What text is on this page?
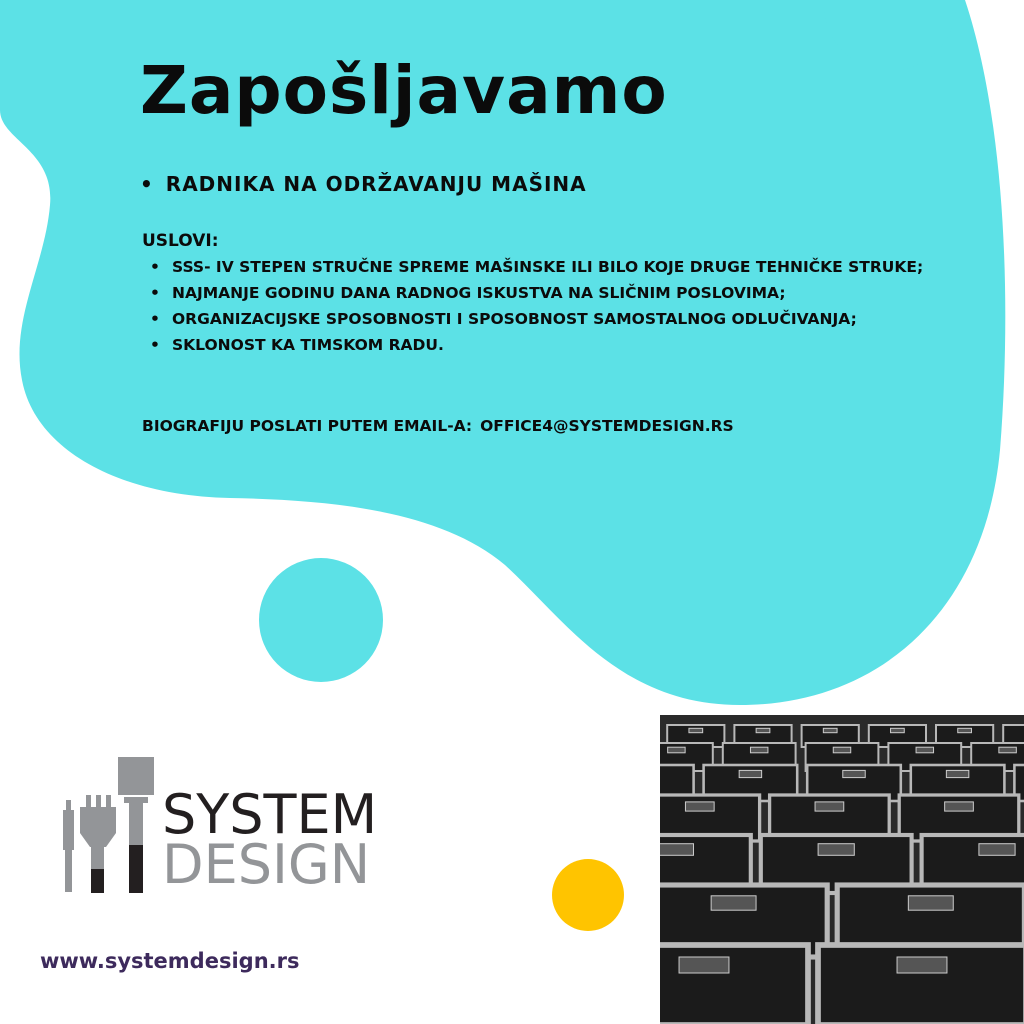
Zapošljavamo
• RADNIKA NA ODRŽAVANJU MAŠINA
USLOVI:
• SSS- IV STEPEN STRUČNE SPREME MAŠINSKE ILI BILO KOJE DRUGE TEHNIČKE STRUKE;
• NAJMANJE GODINU DANA RADNOG ISKUSTVA NA SLIČNIM POSLOVIMA;
• ORGANIZACIJSKE SPOSOBNOSTI I SPOSOBNOST SAMOSTALNOG ODLUČIVANJA;
• SKLONOST KA TIMSKOM RADU.
BIOGRAFIJU POSLATI PUTEM EMAIL-A: OFFICE4@SYSTEMDESIGN.RS
SYSTEM
DESIGN
www.systemdesign.rs
